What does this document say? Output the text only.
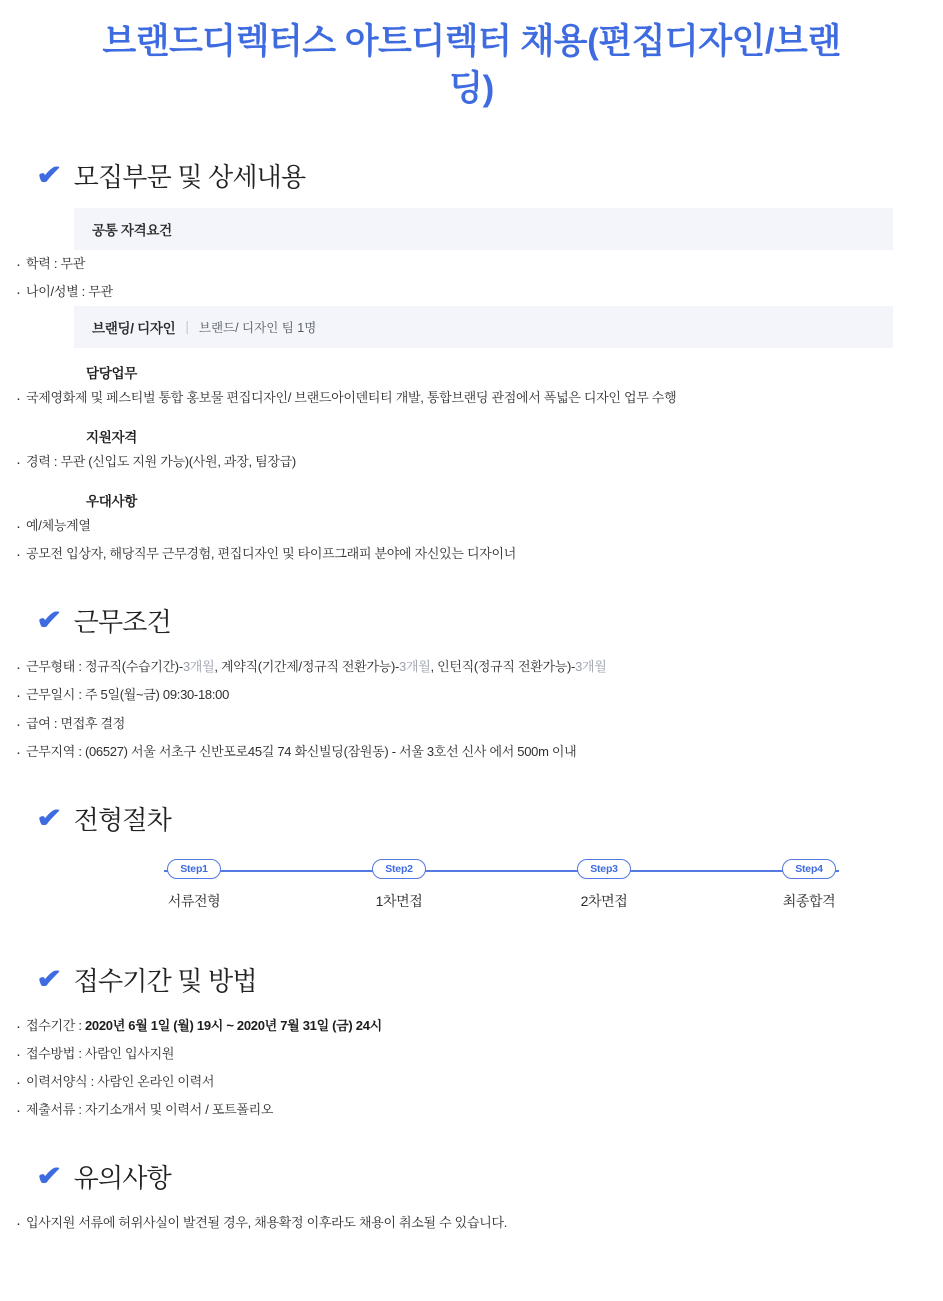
브랜드디렉터스 아트디렉터 채용(편집디자인/브랜딩)
✔ 모집부문 및 상세내용
공통 자격요건
· 학력 : 무관
· 나이/성별 : 무관
브랜딩/ 디자인 | 브랜드/ 디자인 팀 1명
담당업무
· 국제영화제 및 페스티벌 통합 홍보물 편집디자인/ 브랜드아이덴티티 개발, 통합브랜딩 관점에서 폭넓은 디자인 업무 수행
지원자격
· 경력 : 무관 (신입도 지원 가능)(사원, 과장, 팀장급)
우대사항
· 예/체능계열
· 공모전 입상자, 해당직무 근무경험, 편집디자인 및 타이프그래피 분야에 자신있는 디자이너
✔ 근무조건
· 근무형태 : 정규직(수습기간)-3개월, 계약직(기간제/정규직 전환가능)-3개월, 인턴직(정규직 전환가능)-3개월
· 근무일시 : 주 5일(월~금) 09:30-18:00
· 급여 : 면접후 결정
· 근무지역 : (06527) 서울 서초구 신반포로45길 74 화신빌딩(잠원동) - 서울 3호선 신사 에서 500m 이내
✔ 전형절차
Step1
서류전형
Step2
1차면접
Step3
2차면접
Step4
최종합격
✔ 접수기간 및 방법
· 접수기간 : 2020년 6월 1일 (월) 19시 ~ 2020년 7월 31일 (금) 24시
· 접수방법 : 사람인 입사지원
· 이력서양식 : 사람인 온라인 이력서
· 제출서류 : 자기소개서 및 이력서 / 포트폴리오
✔ 유의사항
· 입사지원 서류에 허위사실이 발견될 경우, 채용확정 이후라도 채용이 취소될 수 있습니다.
